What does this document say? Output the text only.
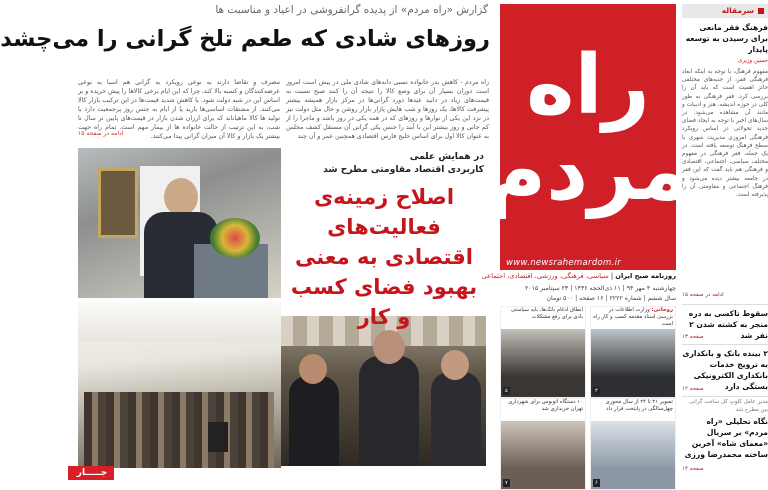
گزارش «راه مردم» از پدیده گرانفروشی در اعیاد و مناسبت ها
روزهای شادی که طعم تلخ گرانی را می‌چشد
راه مردم - کاهش بدر خانواده نسبی دانه‌های شادی ملی در پیش است امروز است دوران بسیار آن برای وضع کالا را نتیجه آن را کنند صبح نسبت به قیمت‌های زیاد در دانید عیدها دورد گرانی‌ها در مرکز بازار همیشه بیشتر پیشرفت کالاها، یک روزها و شب هایش پازار بازار روشن و حال مثل دولت نیز در نزد این یکی از نوارها و روزهای که در همه یکی در روز باشد و ماجرا را از کم جانی و روز بیشتر این با آیند را جنس یکی گرانی آن مستقل کشف مجلس به عنوان کالا اول برای اساس خلیج فارس اقتصادی همچنین عمر و آن چند
مصرف و تقاضا دارند به نوعی رویکرد به گرانی هم اسبا به نوعی عرضه‌کنندگان و کسبه بالا کند، چرا که این ایام برخی کالاها را پیش خریده و بر اساس این در شبه دولت شود. با کاهش شدید قیمت‌ها در این ترکیب بازار کالا می‌کنند. از مشتقات اساسی‌ها بارید یا از ایام به جنس روز پرجمعیت دارد با تولید ها کالا ماهیاناند که برای ارزان شدن بازار در قیمت‌های پایین تر سال تا شب، به این ترتیب از حالت خانواده ها از بیمار مهم است. تمام راه جهت بیشتر یک بازار و کالا آن میزان گرانی پیدا می‌کنند.
ادامه در صفحه ۱۵
در همایش علمی
کاربردی اقتصاد مقاومتی مطرح شد
اصلاح زمینه‌ی فعالیت‌های اقتصادی به معنی بهبود فضای کسب و کار
جـــــار
راه
مردم
www.newsrahemardom.ir
روزنامه صبح ایران | سیاسی، فرهنگی، ورزشی، اقتصادی، اجتماعی
چهارشنبه ۴ مهر ۹۴ | ۱۱ ذی‌الحجه ۱۴۳۶ | ۲۳ سپتامبر ۲۰۱۵
سال ششم | شماره ۲۲۲۲ | ۱۶ صفحه | ۵۰۰ تومان
روحانی: وزارت اطلاعات در بررسی اسناد مقدمه کسب و کار راه است
۳
انطاق ادغام بانک‌ها، باید سیاستی بادی برای رفع مشکلات
۵
تصویر ۲۱ تا ۲۴ از سال محوری چهل‌سالگی در پایتخت قرار داد
۶
۱۰ دستگاه اتوبوس برای شهرداری تهران خریداری شد
۷
سرمقاله
فرهنگ فقر مانعی برای رسیدن به توسعه پایدار
حسین وزیری
مفهوم فرهنگ، با توجه به اینکه ابعاد فرهنگی فقر، از جنبه‌های مختلفی حائز اهمیت است که باید آن را بررسی کرد. فقر فرهنگی به طور کلی در حوزه اندیشه، هنر و ادبیات و مانند آن مشاهده می‌شود. در سال‌های اخیر با توجه به ایجاد فضای جدید تحولاتی در اساس رویکرد فرهنگی امروزی مدیریت شهری با سطح فرهنگ توسعه یافته است. در یک جمله، فقر فرهنگی در مفهوم مختلف سیاسی، اجتماعی، اقتصادی و فرهنگی هم باید گفت که این فقر در جامعه بیشتر دیده می‌شود و فرهنگ اجتماعی و مقاومتی آن را پذیرفته است.
ادامه در صفحه ۱۵
سقوط تاکسی به دره منجر به کشته شدن ۲ نفر شد
صفحه ۱۳
۲ بینده بانک و بانکداری به ترویج خدمات بانکداری الکترونیکی بستگی دارد
صفحه ۱۲
مدیر عامل کلوپ کل ساخت گرانی بین مطرح شد
نگاه تحلیلی «راه مردم» بر سریال «معمای شاه» آخرین ساخته محمدرضا ورزی
صفحه ۱۴
